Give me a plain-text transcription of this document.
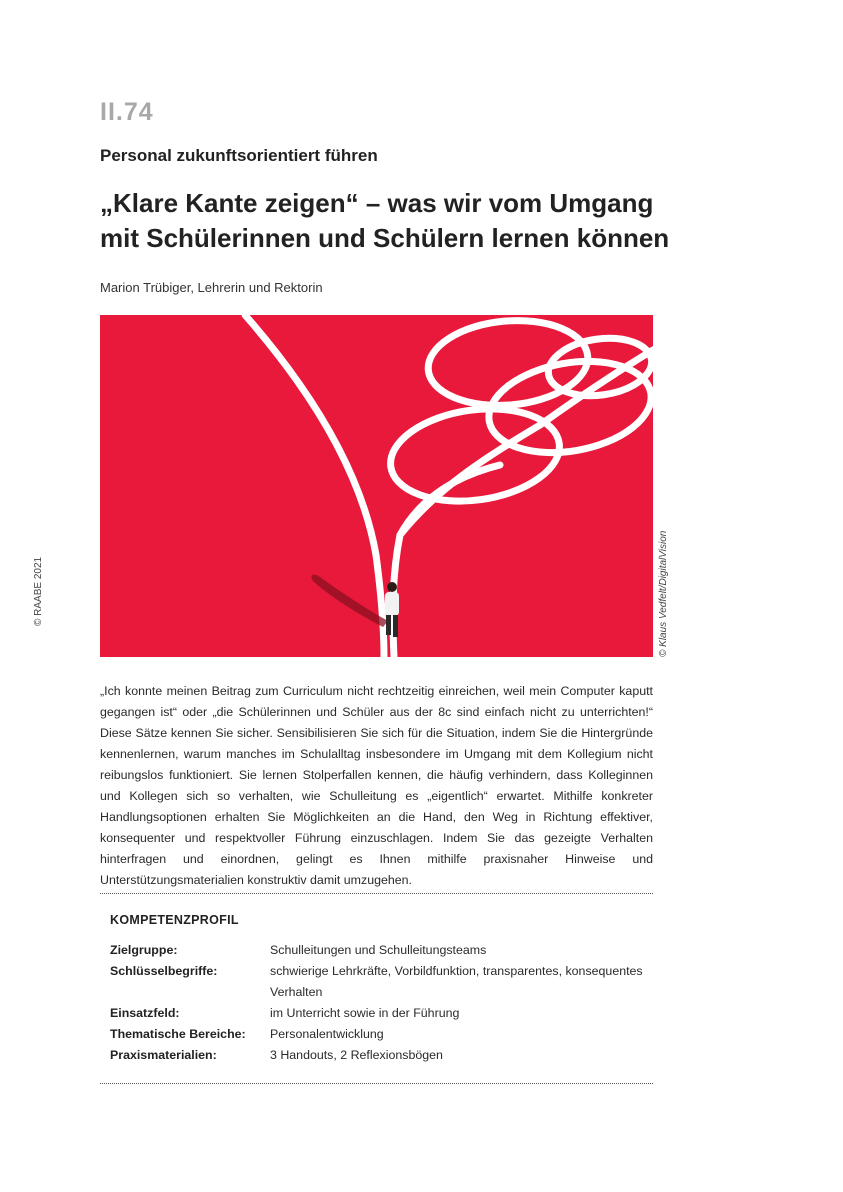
II.74
Personal zukunftsorientiert führen
„Klare Kante zeigen“ – was wir vom Umgang
mit Schülerinnen und Schülern lernen können
Marion Trübiger, Lehrerin und Rektorin
© Klaus Vedfelt/DigitalVision
© RAABE 2021

„Ich konnte meinen Beitrag zum Curriculum nicht rechtzeitig einreichen, weil mein Computer kaputt gegangen ist“ oder „die Schülerinnen und Schüler aus der 8c sind einfach nicht zu unterrichten!“ Diese Sätze kennen Sie sicher. Sensibilisieren Sie sich für die Situation, indem Sie die Hintergründe kennenlernen, warum manches im Schulalltag insbesondere im Umgang mit dem Kollegium nicht reibungslos funktioniert. Sie lernen Stolperfallen kennen, die häufig verhindern, dass Kolleginnen und Kollegen sich so verhalten, wie Schulleitung es „eigentlich“ erwartet. Mithilfe konkreter Handlungsoptionen erhalten Sie Möglichkeiten an die Hand, den Weg in Richtung effektiver, konsequenter und respektvoller Führung einzuschlagen. Indem Sie das gezeigte Verhalten hinterfragen und einordnen, gelingt es Ihnen mithilfe praxisnaher Hinweise und Unterstützungsmaterialien konstruktiv damit umzugehen.

KOMPETENZPROFIL
Zielgruppe:	Schulleitungen und Schulleitungsteams
Schlüsselbegriffe:	schwierige Lehrkräfte, Vorbildfunktion, transparentes, konsequentes Verhalten
Einsatzfeld:	im Unterricht sowie in der Führung
Thematische Bereiche: Personalentwicklung
Praxismaterialien:	3 Handouts, 2 Reflexionsbögen
